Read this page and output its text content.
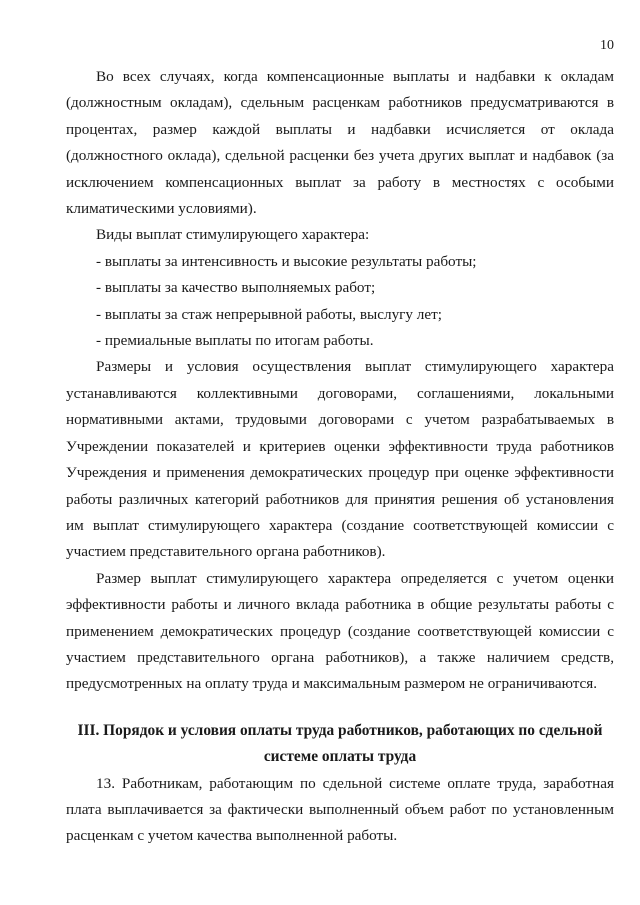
10

Во всех случаях, когда компенсационные выплаты и надбавки к окладам (должностным окладам), сдельным расценкам работников предусматриваются в процентах, размер каждой выплаты и надбавки исчисляется от оклада (должностного оклада), сдельной расценки без учета других выплат и надбавок (за исключением компенсационных выплат за работу в местностях с особыми климатическими условиями).

Виды выплат стимулирующего характера:

- выплаты за интенсивность и высокие результаты работы;

- выплаты за качество выполняемых работ;

- выплаты за стаж непрерывной работы, выслугу лет;

- премиальные выплаты по итогам работы.

Размеры и условия осуществления выплат стимулирующего характера устанавливаются коллективными договорами, соглашениями, локальными нормативными актами, трудовыми договорами с учетом разрабатываемых в Учреждении показателей и критериев оценки эффективности труда работников Учреждения и применения демократических процедур при оценке эффективности работы различных категорий работников для принятия решения об установления им выплат стимулирующего характера (создание соответствующей комиссии с участием представительного органа работников).

Размер выплат стимулирующего характера определяется с учетом оценки эффективности работы и личного вклада работника в общие результаты работы с применением демократических процедур (создание соответствующей комиссии с участием представительного органа работников), а также наличием средств, предусмотренных на оплату труда и максимальным размером не ограничиваются.

III. Порядок и условия оплаты труда работников, работающих по сдельной
системе оплаты труда

13. Работникам, работающим по сдельной системе оплате труда, заработная плата выплачивается за фактически выполненный объем работ по установленным расценкам с учетом качества выполненной работы.
